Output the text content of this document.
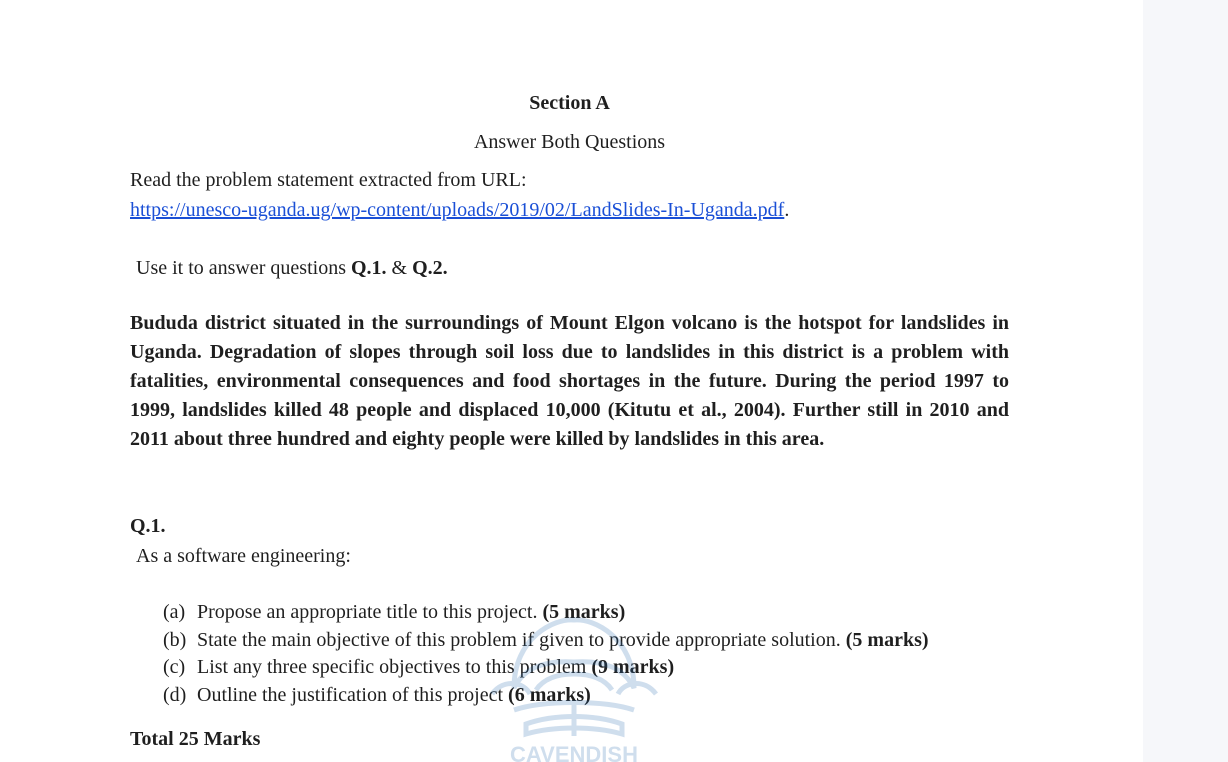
Section A
Answer Both Questions
Read the problem statement extracted from URL:
https://unesco-uganda.ug/wp-content/uploads/2019/02/LandSlides-In-Uganda.pdf.
Use it to answer questions Q.1. & Q.2.
Bududa district situated in the surroundings of Mount Elgon volcano is the hotspot for landslides in Uganda. Degradation of slopes through soil loss due to landslides in this district is a problem with fatalities, environmental consequences and food shortages in the future. During the period 1997 to 1999, landslides killed 48 people and displaced 10,000 (Kitutu et al., 2004). Further still in 2010 and 2011 about three hundred and eighty people were killed by landslides in this area.
Q.1.
As a software engineering:
(a) Propose an appropriate title to this project. (5 marks)
(b) State the main objective of this problem if given to provide appropriate solution. (5 marks)
(c) List any three specific objectives to this problem (9 marks)
(d) Outline the justification of this project (6 marks)
Total 25 Marks
CAVENDISH
